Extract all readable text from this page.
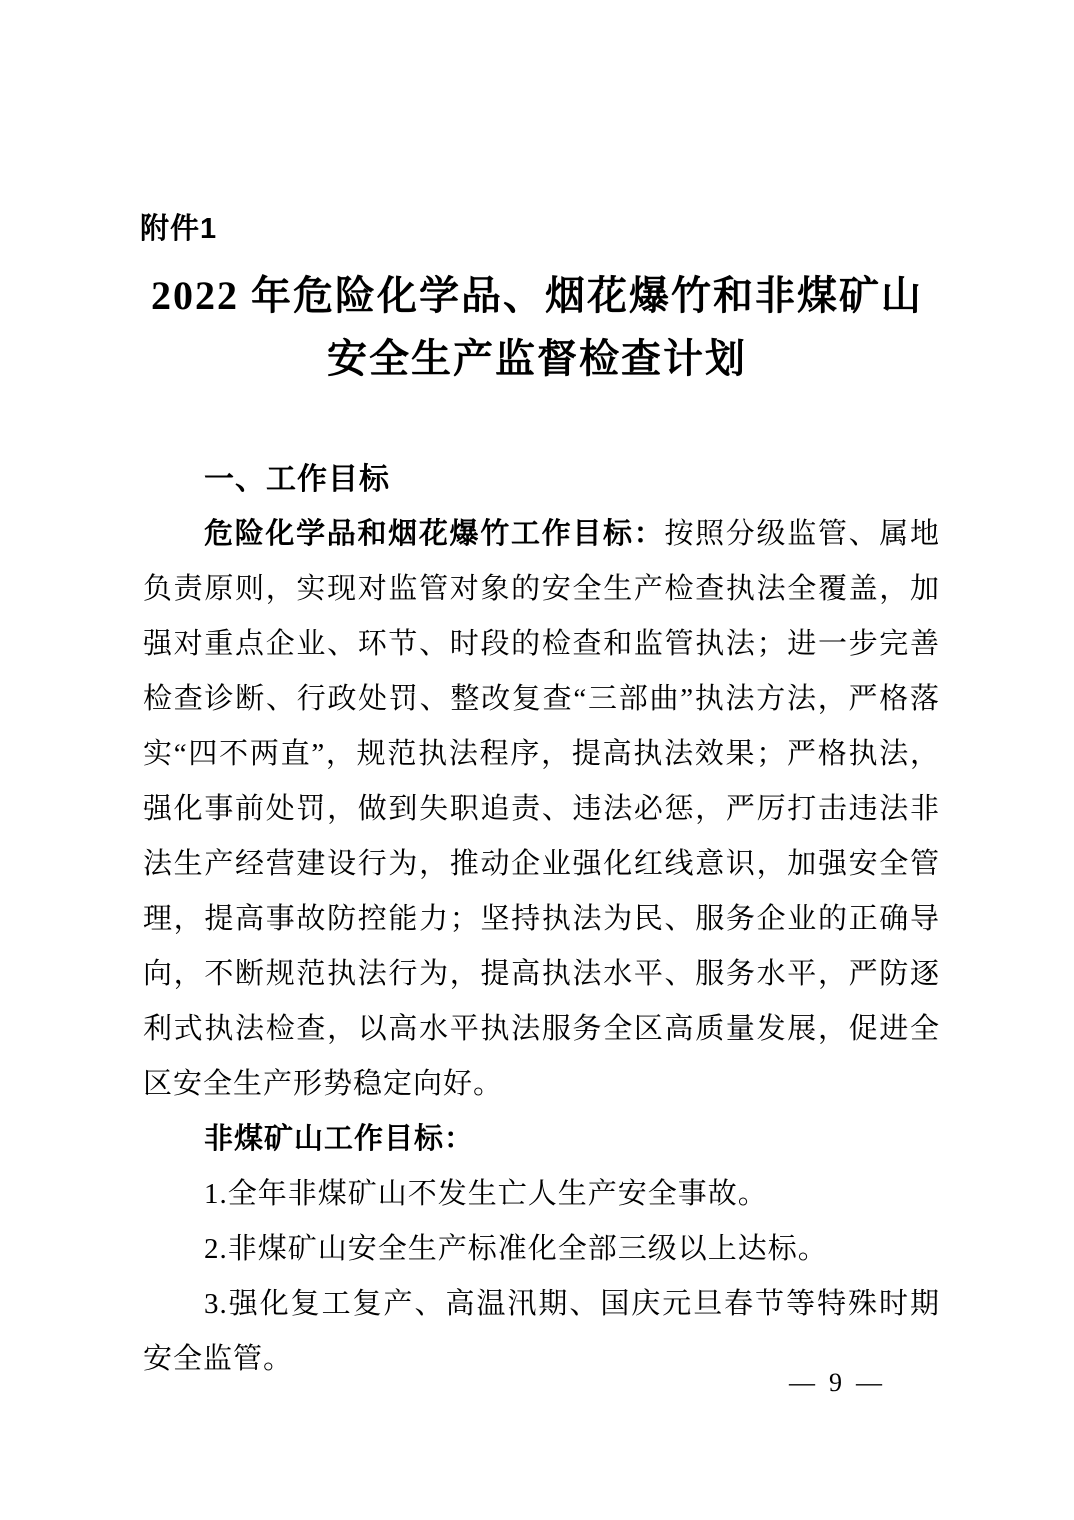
附件1
2022 年危险化学品、烟花爆竹和非煤矿山
安全生产监督检查计划
一、工作目标

危险化学品和烟花爆竹工作目标：按照分级监管、属地负责原则，实现对监管对象的安全生产检查执法全覆盖，加强对重点企业、环节、时段的检查和监管执法；进一步完善检查诊断、行政处罚、整改复查“三部曲”执法方法，严格落实“四不两直”，规范执法程序，提高执法效果；严格执法，强化事前处罚，做到失职追责、违法必惩，严厉打击违法非法生产经营建设行为，推动企业强化红线意识，加强安全管理，提高事故防控能力；坚持执法为民、服务企业的正确导向，不断规范执法行为，提高执法水平、服务水平，严防逐利式执法检查，以高水平执法服务全区高质量发展，促进全区安全生产形势稳定向好。

非煤矿山工作目标：

1.全年非煤矿山不发生亡人生产安全事故。

2.非煤矿山安全生产标准化全部三级以上达标。

3.强化复工复产、高温汛期、国庆元旦春节等特殊时期安全监管。

— 9 —
